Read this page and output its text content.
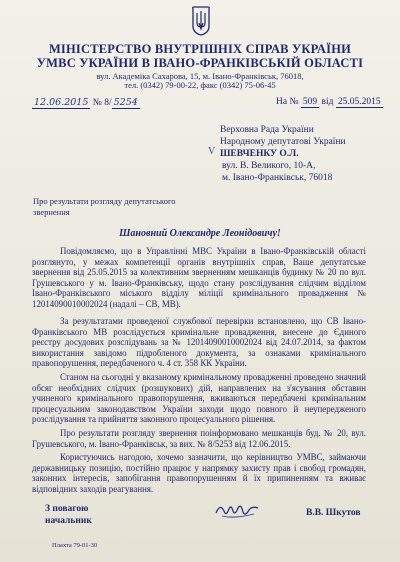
МІНІСТЕРСТВО ВНУТРІШНІХ СПРАВ УКРАЇНИ
УМВС УКРАЇНИ В ІВАНО-ФРАНКІВСЬКІЙ ОБЛАСТІ
вул. Академіка Сахарова, 15, м. Івано-Франківськ, 76018,
тел. (0342) 79-00-22, факс (0342) 75-06-45
12.06.2015 № 8/ 5254	На № 509 від 25.05.2015
Верховна Рада України
Народному депутатові України
V ШЕВЧЕНКУ О.Л.
вул. В. Великого, 10-А,
м. Івано-Франківськ, 76018
Про результати розгляду депутатського звернення
Шановний Олександре Леонідовичу!
Повідомляємо, що в Управлінні МВС України в Івано-Франківській області розглянуто, у межах компетенції органів внутрішніх справ, Ваше депутатське звернення від 25.05.2015 за колективним зверненням мешканців будинку № 20 по вул. Грушевського у м. Івано-Франківську, щодо стану розслідування слідчим відділом Івано-Франківського міського відділу міліції кримінального провадження № 12014090010002024 (надалі – СВ, МВ).
За результатами проведеної службової перевірки встановлено, що СВ Івано-Франківського МВ розслідується кримінальне провадження, внесене до Єдиного реєстру досудових розслідувань за № 12014090010002024 від 24.07.2014, за фактом використання завідомо підробленого документа, за ознаками кримінального правопорушення, передбаченого ч. 4 ст. 358 КК України.
Станом на сьогодні у вказаному кримінальному провадженні проведено значний обсяг необхідних слідчих (розшукових) дій, направлених на з'ясування обставин учиненого кримінального правопорушення, вживаються передбачені кримінальним процесуальним законодавством України заходи щодо повного й неупередженого розслідування та прийняття законного процесуального рішення.
Про результати розгляду звернення поінформовано мешканців буд. № 20, вул. Грушевського, м. Івано-Франківськ, за вих. № 8/5253 від 12.06.2015.
Користуючись нагодою, хочемо зазначити, що керівництво УМВС, займаючи державницьку позицію, постійно працює у напрямку захисту прав і свобод громадян, законних інтересів, запобігання правопорушенням й їх припиненням та вживає відповідних заходів реагування.
З повагою
начальник
В.В. Шкутов
Плахта 79-01-30
